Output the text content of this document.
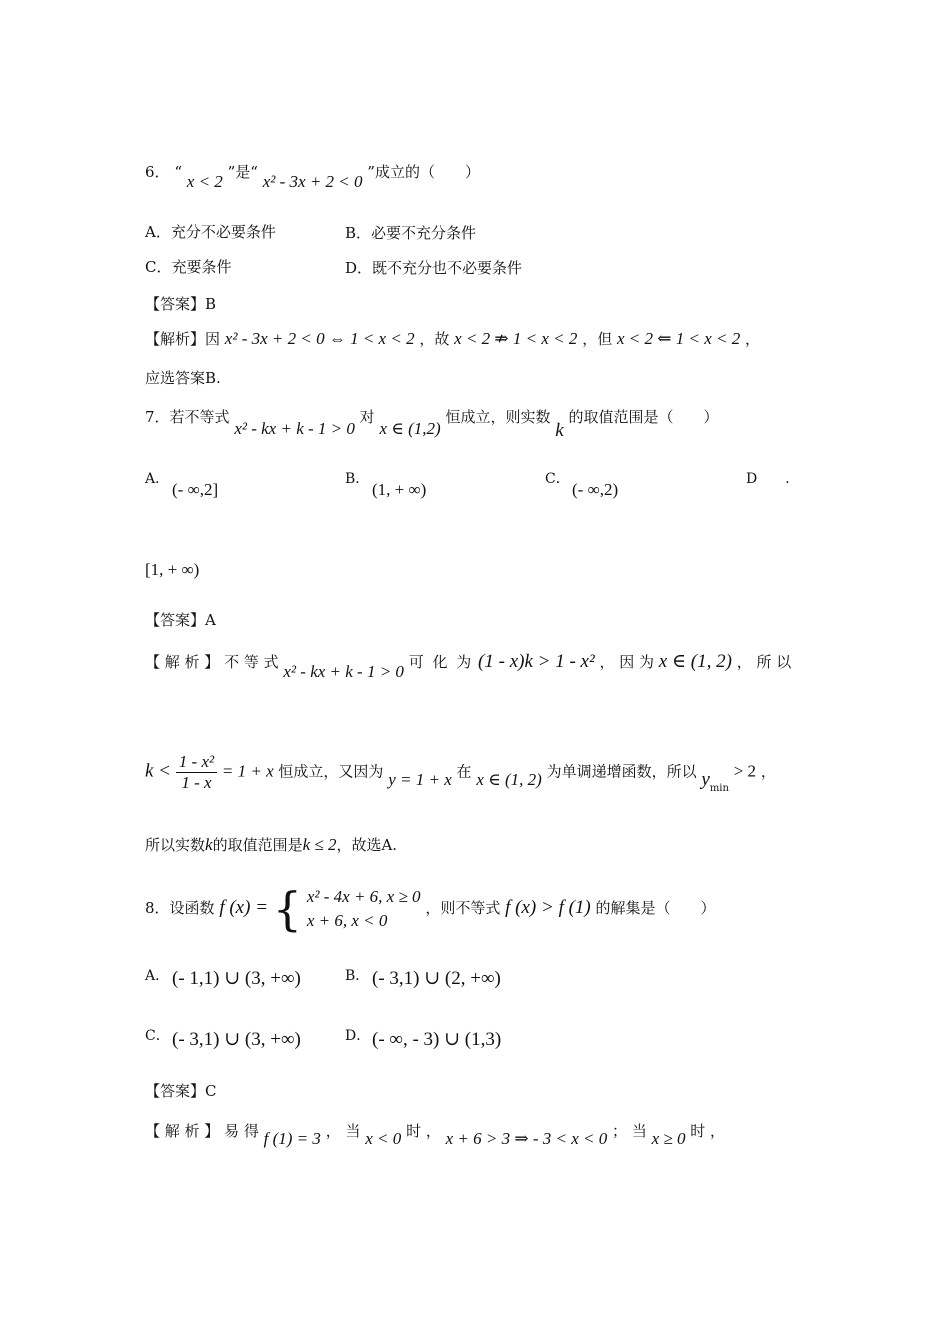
6． “ x < 2 ”是“ x² - 3x + 2 < 0 ”成立的（　　）
A．充分不必要条件	B．必要不充分条件
C．充要条件	D．既不充分也不必要条件
【答案】B
【解析】因 x² - 3x + 2 < 0 ⇔ 1 < x < 2 ，故 x < 2 ⇏ 1 < x < 2 ，但 x < 2 ⇐ 1 < x < 2 ，
应选答案B.
7．若不等式 x² - kx + k - 1 > 0 对 x ∈ (1,2) 恒成立，则实数 k 的取值范围是（　　）
A．
(- ∞,2]
B．
(1, + ∞)
C．
(- ∞,2)
D　　．
[1, + ∞)
【答案】A
【 解 析 】 不 等 式 x² - kx + k - 1 > 0 可 化 为 (1 - x)k > 1 - x² ， 因 为 x ∈ (1, 2) ， 所 以
$k < \frac{\text{1 - x²}}{1 - x} = 1 + x$ 恒成立，又因为 y = 1 + x 在 x ∈ (1, 2) 为单调递增函数，所以 $y_{min} > 2$ ，
所以实数k的取值范围是k ≤ 2，故选A.
8．设函数 f (x) = { x² - 4x + 6, x ≥ 0
x + 6, x < 0
，则不等式 f (x) > f (1) 的解集是（　　）
A． (- 1,1) ∪ (3, +∞)	B． (- 3,1) ∪ (2, +∞)
C． (- 3,1) ∪ (3, +∞)	D． (- ∞, - 3) ∪ (1,3)
【答案】C
【 解 析 】 易 得 f (1) = 3 ， 当 x < 0 时 ， x + 6 > 3 ⇒ - 3 < x < 0 ； 当 x ≥ 0 时 ，
